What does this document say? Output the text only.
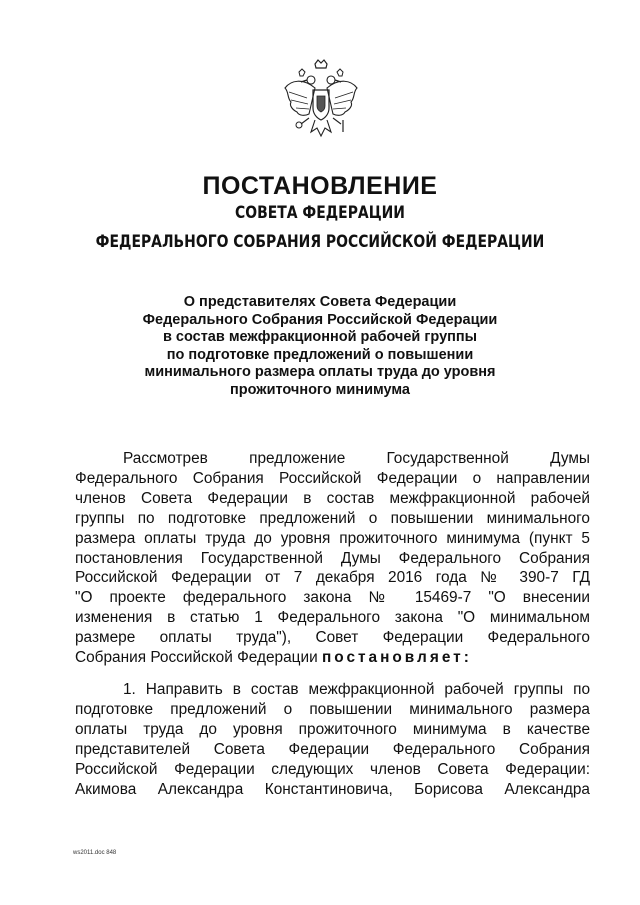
ПОСТАНОВЛЕНИЕ
СОВЕТА ФЕДЕРАЦИИ
ФЕДЕРАЛЬНОГО СОБРАНИЯ РОССИЙСКОЙ ФЕДЕРАЦИИ
О представителях Совета Федерации
Федерального Собрания Российской Федерации
в состав межфракционной рабочей группы
по подготовке предложений о повышении
минимального размера оплаты труда до уровня
прожиточного минимума
Рассмотрев предложение Государственной Думы
Федерального Собрания Российской Федерации о направлении
членов Совета Федерации в состав межфракционной рабочей
группы по подготовке предложений о повышении минимального
размера оплаты труда до уровня прожиточного минимума (пункт 5
постановления Государственной Думы Федерального Собрания
Российской Федерации от 7 декабря 2016 года № 390-7 ГД
"О проекте федерального закона № 15469-7 "О внесении
изменения в статью 1 Федерального закона "О минимальном
размере оплаты труда"), Совет Федерации Федерального
Собрания Российской Федерации постановляет:
1. Направить в состав межфракционной рабочей группы по
подготовке предложений о повышении минимального размера
оплаты труда до уровня прожиточного минимума в качестве
представителей Совета Федерации Федерального Собрания
Российской Федерации следующих членов Совета Федерации:
Акимова Александра Константиновича, Борисова Александра
ws2011.doc 848
